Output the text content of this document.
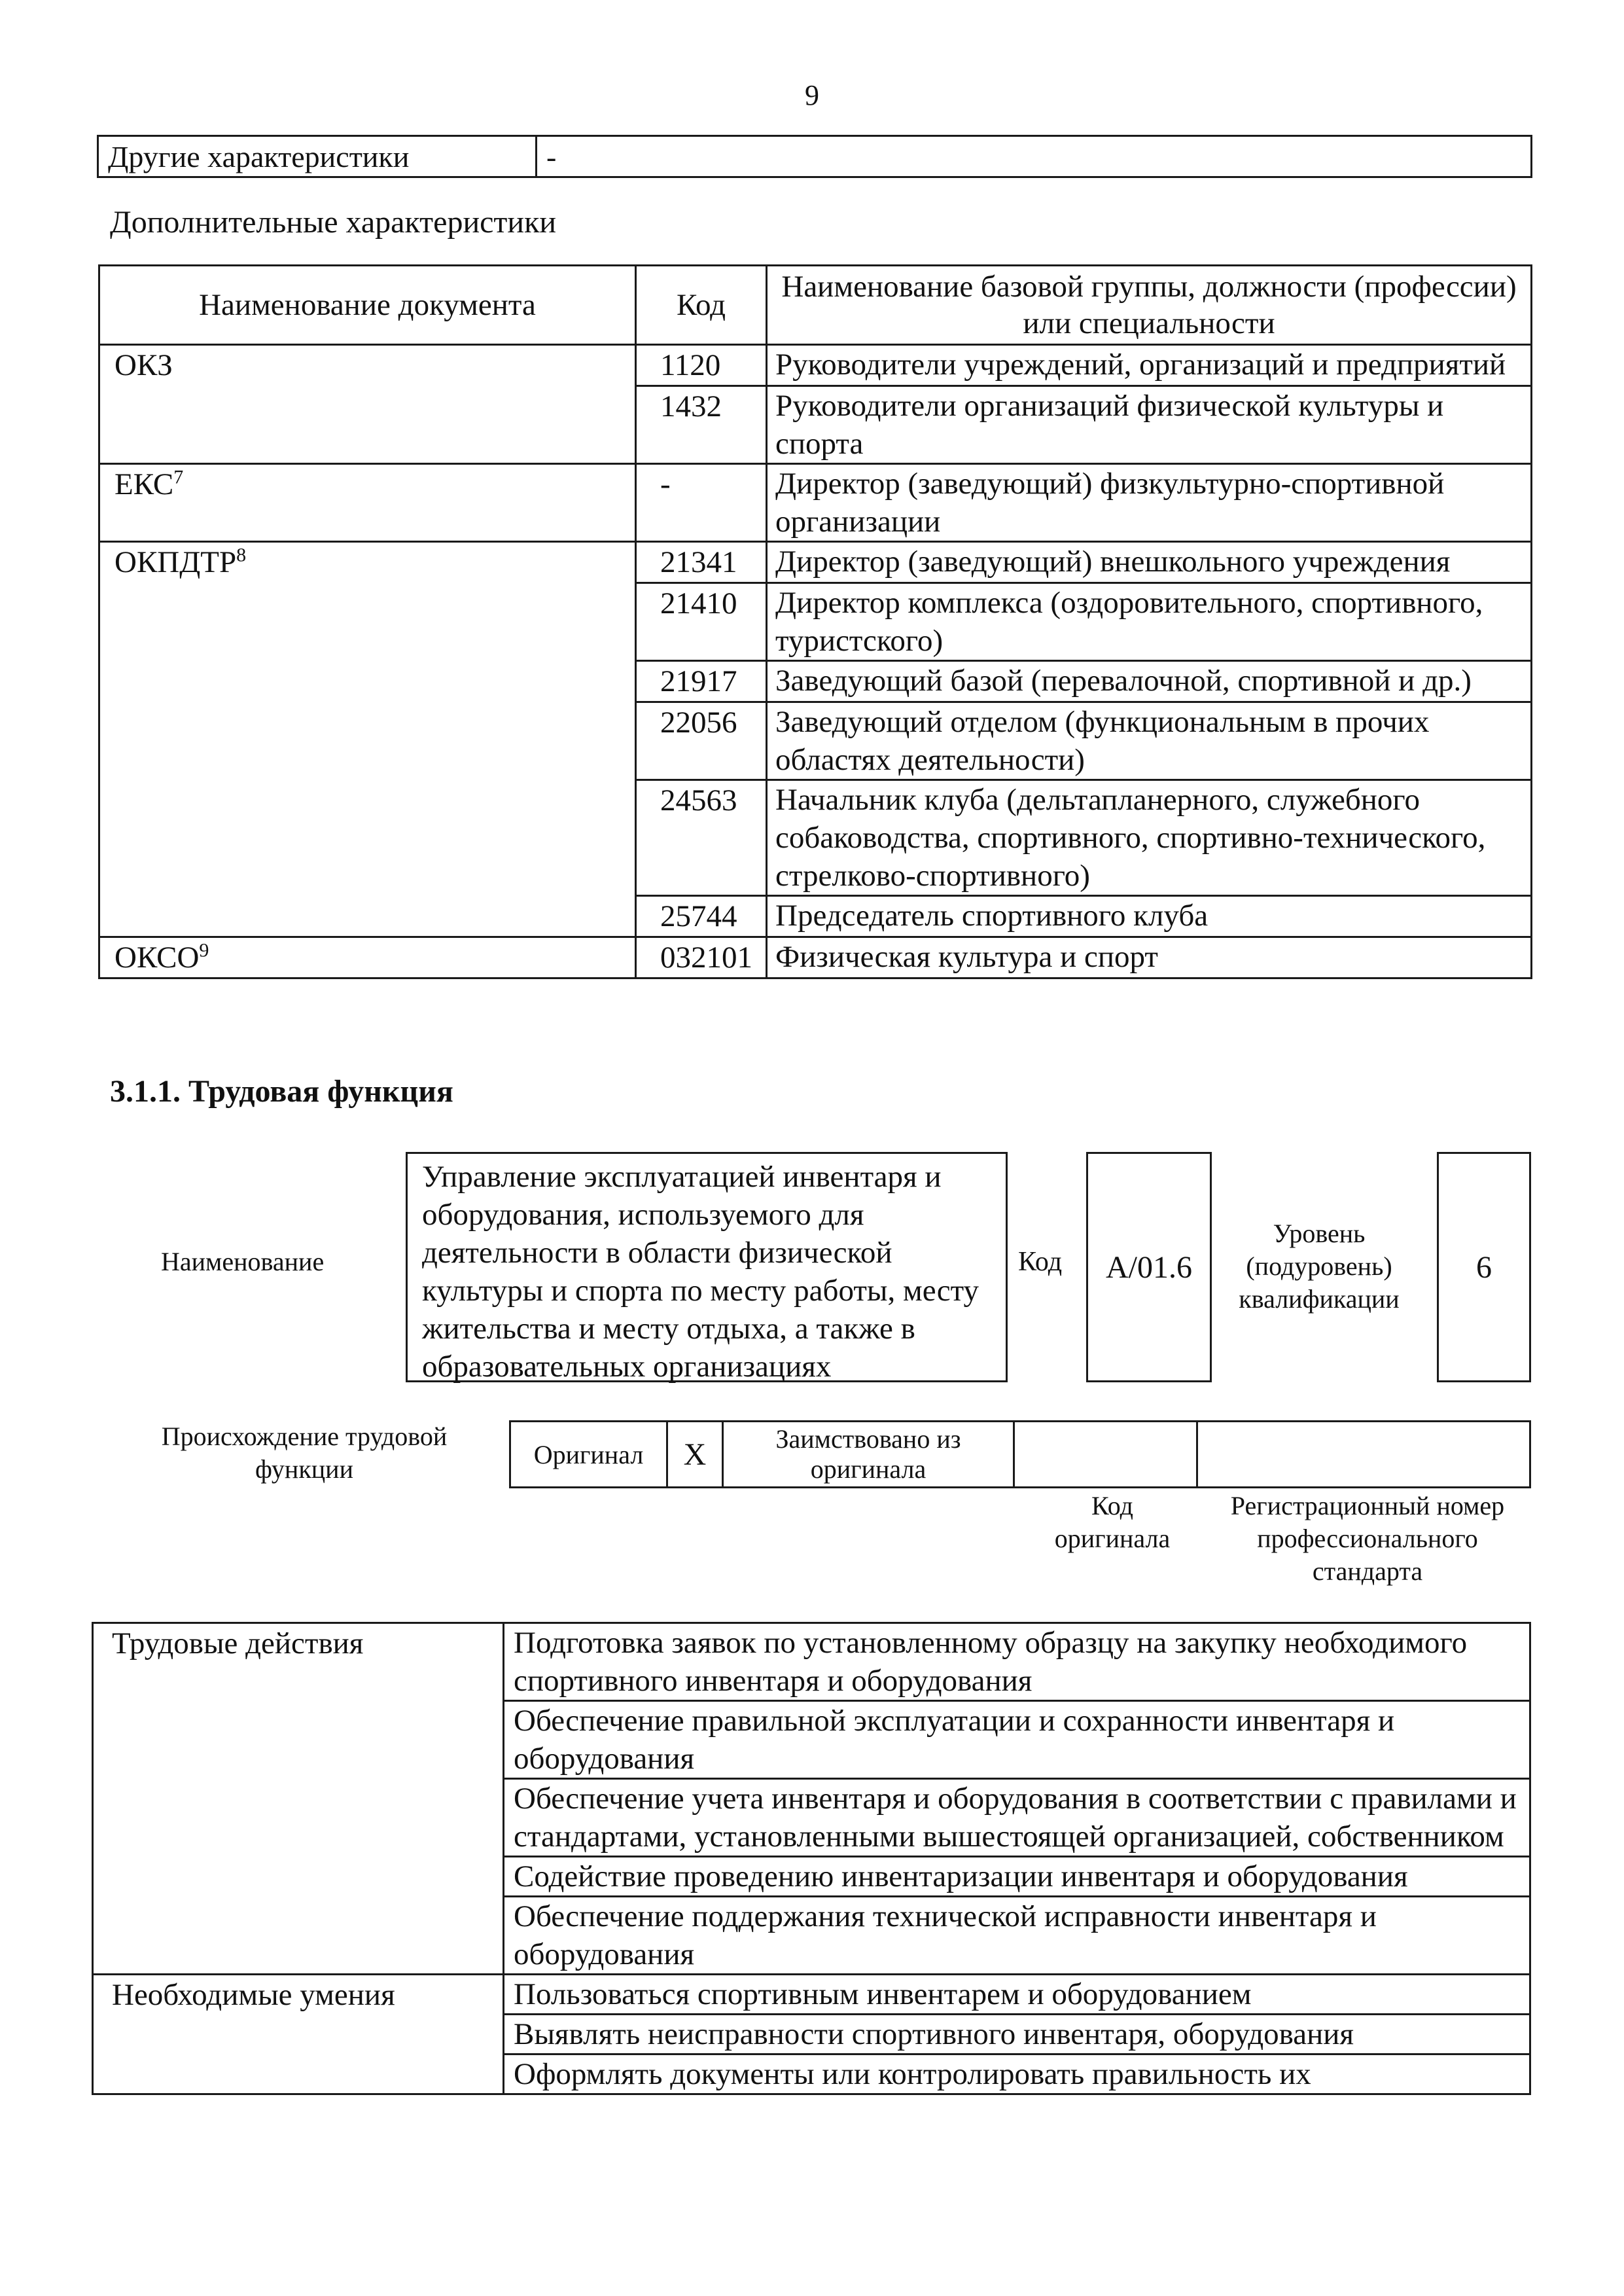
9
Другие характеристики	-
Дополнительные характеристики
Наименование документа	Код	Наименование базовой группы, должности (профессии) или специальности

ОКЗ	1120	Руководители учреждений, организаций и предприятий

	1432	Руководители организаций физической культуры и спорта

ЕКС$^7$	-	Директор (заведующий) физкультурно-спортивной организации

ОКПДТР$^8$	21341	Директор (заведующий) внешкольного учреждения

	21410	Директор комплекса (оздоровительного, спортивного, туристского)

	21917	Заведующий базой (перевалочной, спортивной и др.)

	22056	Заведующий отделом (функциональным в прочих областях деятельности)

	24563	Начальник клуба (дельтапланерного, служебного собаководства, спортивного, спортивно-технического, стрелково-спортивного)

	25744	Председатель спортивного клуба

ОКСО$^9$	032101	Физическая культура и спорт
3.1.1. Трудовая функция
Наименование
Управление эксплуатацией инвентаря и оборудования, используемого для деятельности в области физической культуры и спорта по месту работы, месту жительства и месту отдыха, а также в образовательных организациях
Код	А/01.6
Уровень (подуровень) квалификации
6
Происхождение трудовой функции	Оригинал	X	Заимствовано из оригинала		
Код оригинала
Регистрационный номер профессионального стандарта
Трудовые действия	Подготовка заявок по установленному образцу на закупку необходимого спортивного инвентаря и оборудования

	Обеспечение правильной эксплуатации и сохранности инвентаря и оборудования

	Обеспечение учета инвентаря и оборудования в соответствии с правилами и стандартами, установленными вышестоящей организацией, собственником

	Содействие проведению инвентаризации инвентаря и оборудования

	Обеспечение поддержания технической исправности инвентаря и оборудования

Необходимые умения	Пользоваться спортивным инвентарем и оборудованием

	Выявлять неисправности спортивного инвентаря, оборудования

	Оформлять документы или контролировать правильность их
